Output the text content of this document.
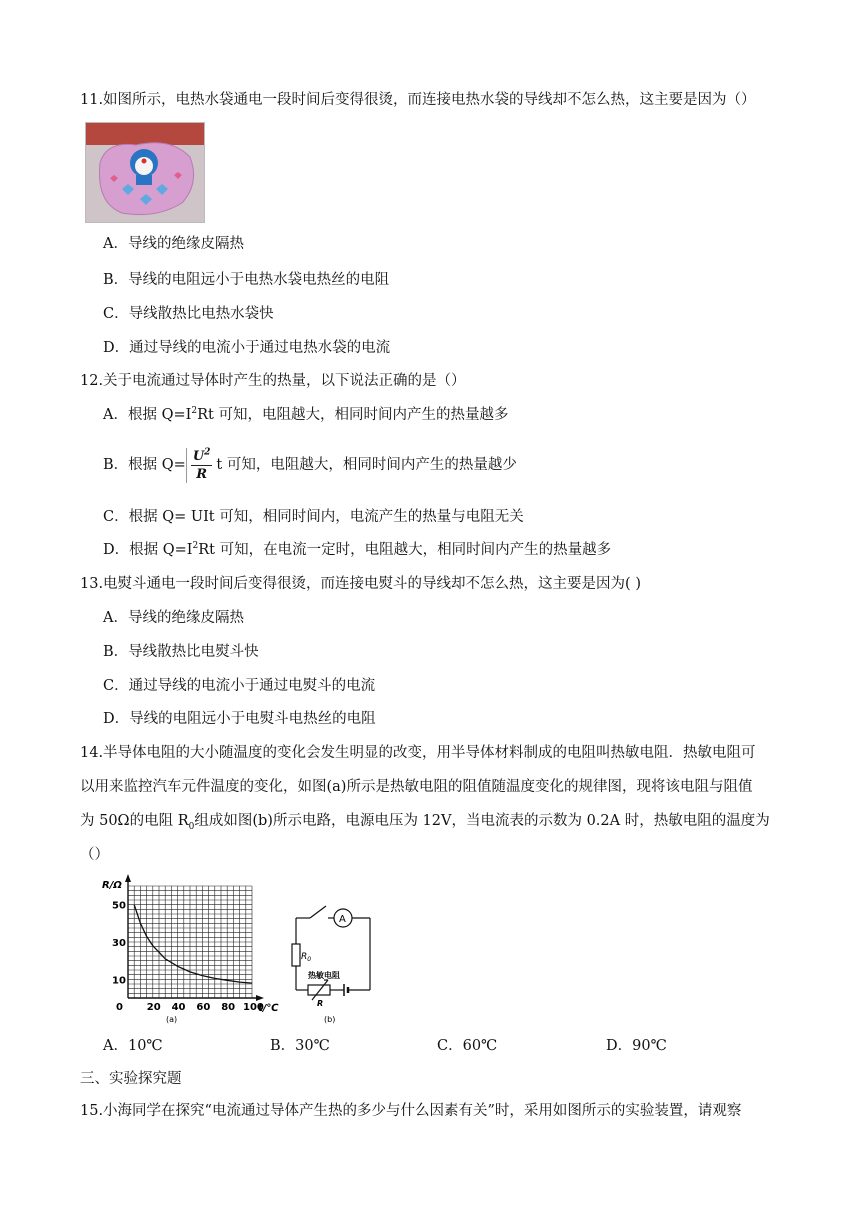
11.如图所示，电热水袋通电一段时间后变得很烫，而连接电热水袋的导线却不怎么热，这主要是因为（）
A．导线的绝缘皮隔热
B．导线的电阻远小于电热水袋电热丝的电阻
C．导线散热比电热水袋快
D．通过导线的电流小于通过电热水袋的电流
12.关于电流通过导体时产生的热量，以下说法正确的是（）
A．根据 $Q=I^2Rt$ 可知，电阻越大，相同时间内产生的热量越多
B．根据 $Q= \frac{U^2}{R}$ t 可知，电阻越大，相同时间内产生的热量越少
C．根据 Q= UIt 可知，相同时间内，电流产生的热量与电阻无关
D．根据 $Q=I^2Rt$ 可知，在电流一定时，电阻越大，相同时间内产生的热量越多
13.电熨斗通电一段时间后变得很烫，而连接电熨斗的导线却不怎么热，这主要是因为( )
A．导线的绝缘皮隔热
B．导线散热比电熨斗快
C．通过导线的电流小于通过电熨斗的电流
D．导线的电阻远小于电熨斗电热丝的电阻
14.半导体电阻的大小随温度的变化会发生明显的改变，用半导体材料制成的电阻叫热敏电阻．热敏电阻可
以用来监控汽车元件温度的变化，如图(a)所示是热敏电阻的阻值随温度变化的规律图，现将该电阻与阻值
为 50Ω的电阻 $R_0$组成如图(b)所示电路，电源电压为 12V，当电流表的示数为 0.2A 时，热敏电阻的温度为
（）
0 20 40 60 80 100
10
30
50
R/Ω
t/℃
(a)
A
$R_0$
热敏电阻
R
(b)
A．10℃	B．30℃	C．60℃	D．90℃
三、实验探究题
15.小海同学在探究“电流通过导体产生热的多少与什么因素有关”时，采用如图所示的实验装置，请观察
